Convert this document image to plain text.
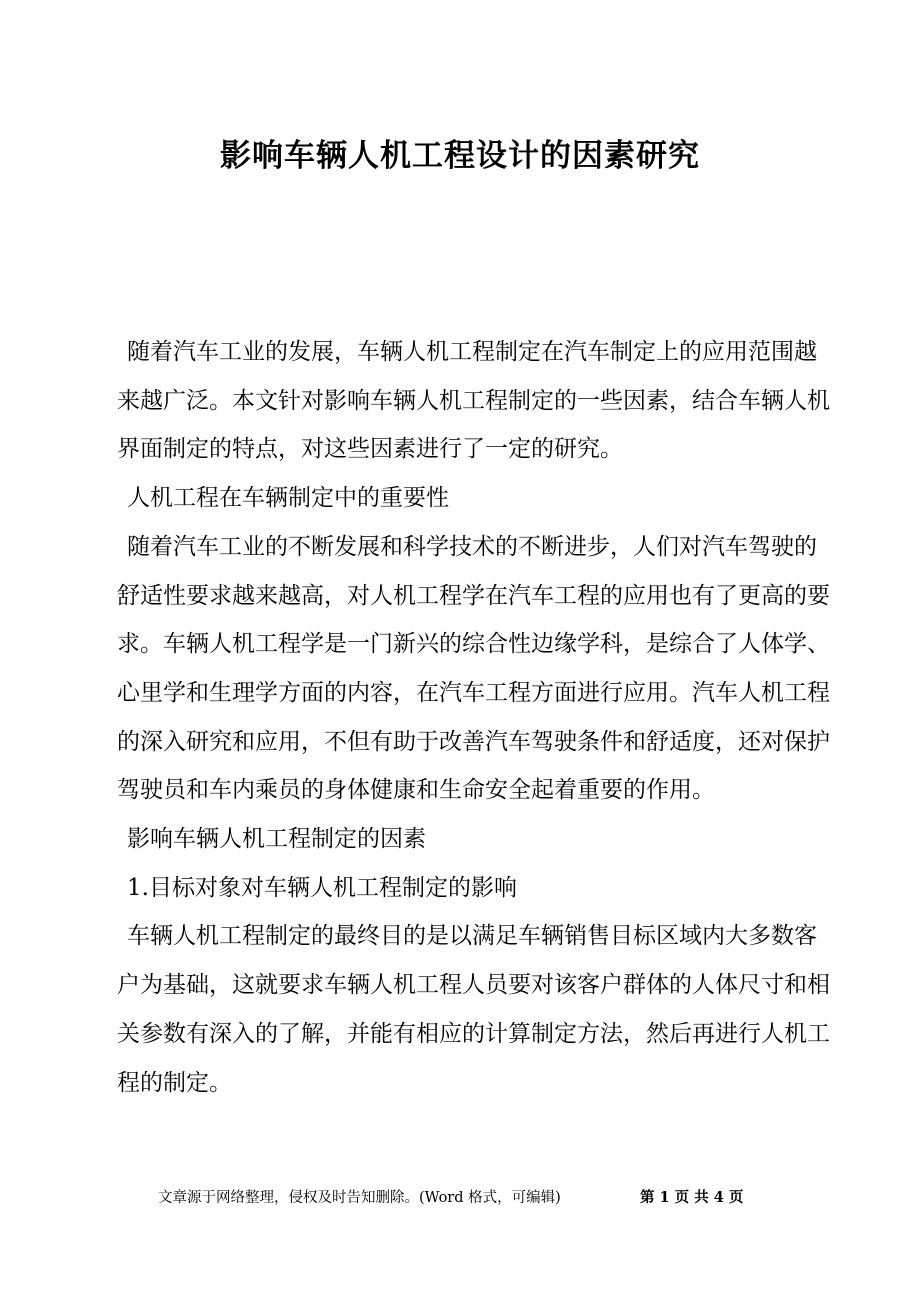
影响车辆人机工程设计的因素研究

随着汽车工业的发展，车辆人机工程制定在汽车制定上的应用范围越来越广泛。本文针对影响车辆人机工程制定的一些因素，结合车辆人机界面制定的特点，对这些因素进行了一定的研究。

人机工程在车辆制定中的重要性

随着汽车工业的不断发展和科学技术的不断进步，人们对汽车驾驶的舒适性要求越来越高，对人机工程学在汽车工程的应用也有了更高的要求。车辆人机工程学是一门新兴的综合性边缘学科，是综合了人体学、心里学和生理学方面的内容，在汽车工程方面进行应用。汽车人机工程的深入研究和应用，不但有助于改善汽车驾驶条件和舒适度，还对保护驾驶员和车内乘员的身体健康和生命安全起着重要的作用。

影响车辆人机工程制定的因素

1.目标对象对车辆人机工程制定的影响

车辆人机工程制定的最终目的是以满足车辆销售目标区域内大多数客户为基础，这就要求车辆人机工程人员要对该客户群体的人体尺寸和相关参数有深入的了解，并能有相应的计算制定方法，然后再进行人机工程的制定。

文章源于网络整理，侵权及时告知删除。(Word 格式，可编辑)	第 1 页 共 4 页
